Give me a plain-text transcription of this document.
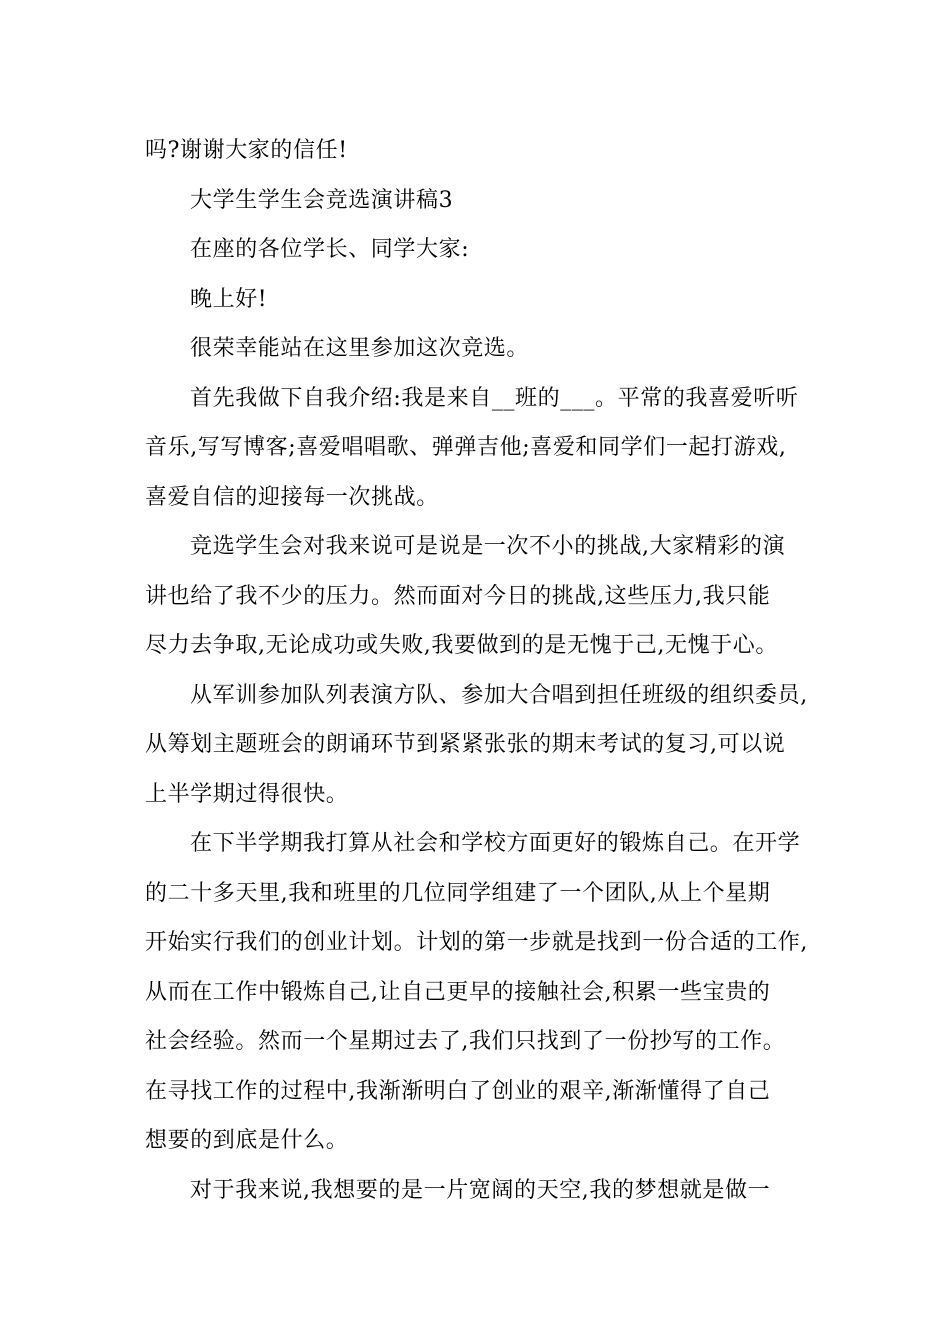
吗?谢谢大家的信任!

大学生学生会竞选演讲稿3

在座的各位学长、同学大家:

晚上好!

很荣幸能站在这里参加这次竞选。

首先我做下自我介绍:我是来自__班的___。平常的我喜爱听听
音乐,写写博客;喜爱唱唱歌、弹弹吉他;喜爱和同学们一起打游戏,
喜爱自信的迎接每一次挑战。

竞选学生会对我来说可是说是一次不小的挑战,大家精彩的演
讲也给了我不少的压力。然而面对今日的挑战,这些压力,我只能
尽力去争取,无论成功或失败,我要做到的是无愧于己,无愧于心。

从军训参加队列表演方队、参加大合唱到担任班级的组织委员,
从筹划主题班会的朗诵环节到紧紧张张的期末考试的复习,可以说
上半学期过得很快。

在下半学期我打算从社会和学校方面更好的锻炼自己。在开学
的二十多天里,我和班里的几位同学组建了一个团队,从上个星期
开始实行我们的创业计划。计划的第一步就是找到一份合适的工作,
从而在工作中锻炼自己,让自己更早的接触社会,积累一些宝贵的
社会经验。然而一个星期过去了,我们只找到了一份抄写的工作。
在寻找工作的过程中,我渐渐明白了创业的艰辛,渐渐懂得了自己
想要的到底是什么。

对于我来说,我想要的是一片宽阔的天空,我的梦想就是做一
